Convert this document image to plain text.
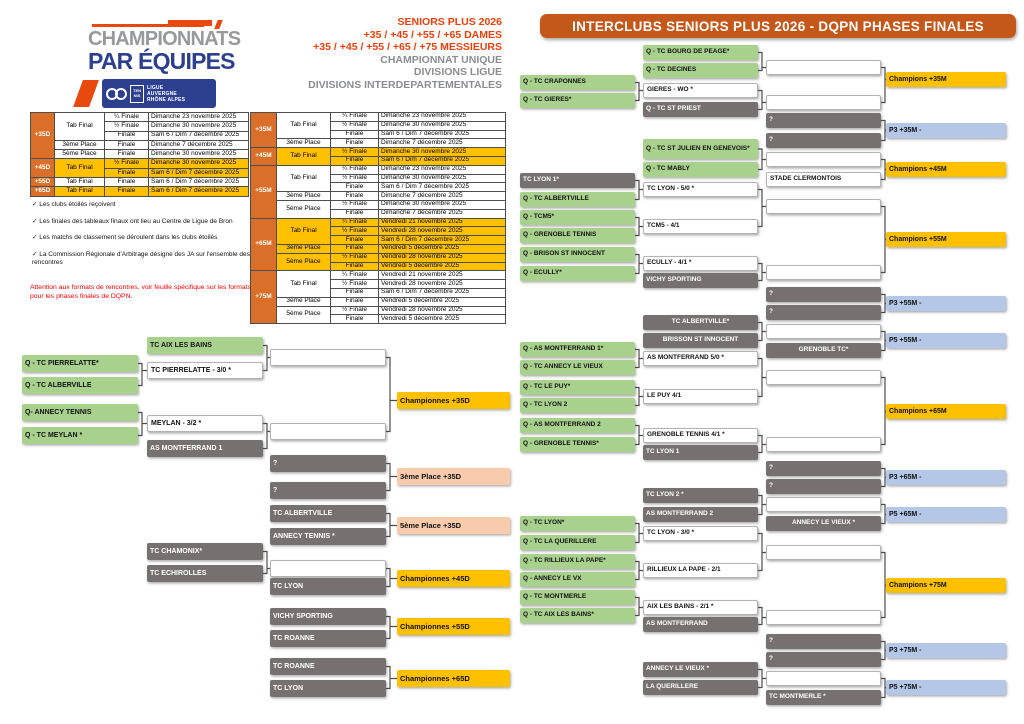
CHAMPIONNATS
PAR ÉQUIPES
TEN
NIS
LIGUE
AUVERGNE
RHÔNE ALPES
SENIORS PLUS 2026
+35 / +45 / +55 / +65 DAMES
+35 / +45 / +55 / +65 / +75 MESSIEURS
CHAMPIONNAT UNIQUE
DIVISIONS LIGUE
DIVISIONS INTERDEPARTEMENTALES
INTERCLUBS SENIORS PLUS 2026 - DQPN PHASES FINALES
+35D	Tab Final	¼ Finale	Dimanche 23 novembre 2025
		½ Finale	Dimanche 30 novembre 2025
		Finale	Sam 6 / Dim 7 décembre 2025
	3ème Place	Finale	Dimanche 7 décembre 2025
	5ème Place	Finale	Dimanche 30 novembre 2025
+45D	Tab Final	½ Finale	Dimanche 30 novembre 2025
		Finale	Sam 6 / Dim 7 décembre 2025
+55D	Tab Final	Finale	Sam 6 / Dim 7 décembre 2025
+65D	Tab Final	Finale	Sam 6 / Dim 7 décembre 2025
+35M	Tab Final	¼ Finale	Dimanche 23 novembre 2025
		½ Finale	Dimanche 30 novembre 2025
		Finale	Sam 6 / Dim 7 décembre 2025
	3ème Place	Finale	Dimanche 7 décembre 2025
+45M	Tab Final	½ Finale	Dimanche 30 novembre 2025
		Finale	Sam 6 / Dim 7 décembre 2025
+55M	Tab Final	¼ Finale	Dimanche 23 novembre 2025
		½ Finale	Dimanche 30 novembre 2025
		Finale	Sam 6 / Dim 7 décembre 2025
	3ème Place	Finale	Dimanche 7 décembre 2025
	5ème Place	½ Finale	Dimanche 30 novembre 2025
		Finale	Dimanche 7 décembre 2025
+65M	Tab Final	¼ Finale	Vendredi 21 novembre 2025
		½ Finale	Vendredi 28 novembre 2025
		Finale	Sam 6 / Dim 7 décembre 2025
	3ème Place	Finale	Vendredi 5 décembre 2025
	5ème Place	½ Finale	Vendredi 28 novembre 2025
		Finale	Vendredi 5 décembre 2025
+75M	Tab Final	¼ Finale	Vendredi 21 novembre 2025
		½ Finale	Vendredi 28 novembre 2025
		Finale	Sam 6 / Dim 7 décembre 2025
	3ème Place	Finale	Vendredi 5 décembre 2025
	5ème Place	½ Finale	Vendredi 28 novembre 2025
		Finale	Vendredi 5 décembre 2025
✓ Les clubs étoilés reçoivent
✓ Les finales des tableaux finaux ont lieu au Centre de Ligue de Bron
✓ Les matchs de classement se déroulent dans les clubs étoilés
✓ La Commission Régionale d'Arbitrage désigne des JA sur l'ensemble des rencontres
Attention aux formats de rencontres, voir feuille spécifique sur les formats pour les phases finales de DQPN.
TC AIX LES BAINS
Q - TC PIERRELATTE*
TC PIERRELATTE - 3/0 *
Q - TC ALBERVILLE
Q- ANNECY TENNIS
MEYLAN - 3/2 *
Q - TC MEYLAN *
AS MONTFERRAND 1
Championnes +35D
?
?
3ème Place +35D
TC ALBERTVILLE
ANNECY TENNIS *
5ème Place +35D
TC CHAMONIX*
TC ECHIROLLES
TC LYON
Championnes +45D
VICHY SPORTING
TC ROANNE
Championnes +55D
TC ROANNE
TC LYON
Championnes +65D
Q - TC BOURG DE PEAGE*
Q - TC DECINES
Q - TC CRAPONNES
GIERES - WO *
Q - TC GIERES*
Q - TC ST PRIEST
Champions +35M
?
?
P3 +35M -
Q - TC ST JULIEN EN GENEVOIS*
Q - TC MABLY
STADE CLERMONTOIS
Champions +45M
TC LYON 1*
Q - TC ALBERTVILLE
TC LYON - 5/0 *
Q - TCM5*
Q - GRENOBLE TENNIS
TCM5 - 4/1
Q - BRISON ST INNOCENT
Q - ECULLY*
ECULLY - 4/1 *
VICHY SPORTING
Champions +55M
?
?
P3 +55M -
TC ALBERTVILLE*
BRISSON ST INNOCENT
GRENOBLE TC*
P5 +55M -
Q - AS MONTFERRAND 1*
Q - TC ANNECY LE VIEUX
AS MONTFERRAND 5/0 *
Q - TC LE PUY*
Q - TC LYON 2
LE PUY 4/1
Q - AS MONTFERRAND 2
Q - GRENOBLE TENNIS*
GRENOBLE TENNIS 4/1 *
TC LYON 1
Champions +65M
?
?
P3 +65M -
TC LYON 2 *
AS MONTFERRAND 2
ANNECY LE VIEUX *
P5 +65M -
Q - TC LYON*
Q - TC LA QUERILLERE
TC LYON - 3/0 *
Q - TC RILLIEUX LA PAPE*
Q - ANNECY LE VX
RILLIEUX LA PAPE - 2/1
Q - TC MONTMERLE
Q - TC AIX LES BAINS*
AIX LES BAINS - 2/1 *
AS MONTFERRAND
Champions +75M
?
?
P3 +75M -
ANNECY LE VIEUX *
LA QUERILLERE
TC MONTMERLE *
P5 +75M -
